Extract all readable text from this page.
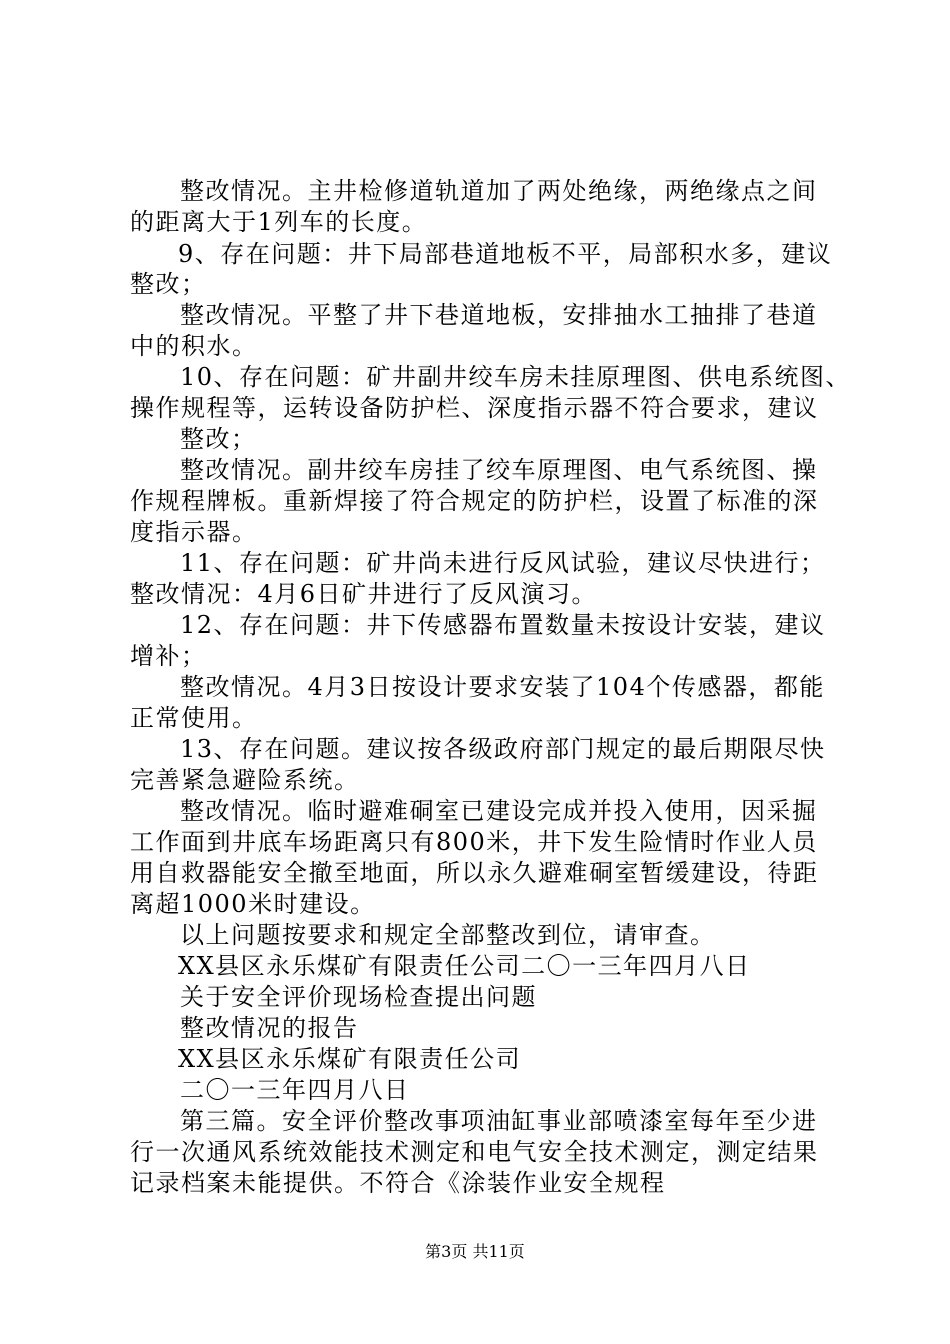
整改情况。主井检修道轨道加了两处绝缘，两绝缘点之间
的距离大于1列车的长度。
9、存在问题：井下局部巷道地板不平，局部积水多，建议
整改；
整改情况。平整了井下巷道地板，安排抽水工抽排了巷道
中的积水。
10、存在问题：矿井副井绞车房未挂原理图、供电系统图、
操作规程等，运转设备防护栏、深度指示器不符合要求，建议
整改；
整改情况。副井绞车房挂了绞车原理图、电气系统图、操
作规程牌板。重新焊接了符合规定的防护栏，设置了标准的深
度指示器。
11、存在问题：矿井尚未进行反风试验，建议尽快进行；
整改情况：4月6日矿井进行了反风演习。
12、存在问题：井下传感器布置数量未按设计安装，建议
增补；
整改情况。4月3日按设计要求安装了104个传感器，都能
正常使用。
13、存在问题。建议按各级政府部门规定的最后期限尽快
完善紧急避险系统。
整改情况。临时避难硐室已建设完成并投入使用，因采掘
工作面到井底车场距离只有800米，井下发生险情时作业人员
用自救器能安全撤至地面，所以永久避难硐室暂缓建设，待距
离超1000米时建设。
以上问题按要求和规定全部整改到位，请审查。
XX县区永乐煤矿有限责任公司二〇一三年四月八日
关于安全评价现场检查提出问题
整改情况的报告
XX县区永乐煤矿有限责任公司
二〇一三年四月八日
第三篇。安全评价整改事项油缸事业部喷漆室每年至少进
行一次通风系统效能技术测定和电气安全技术测定，测定结果
记录档案未能提供。不符合《涂装作业安全规程
第3页 共11页
